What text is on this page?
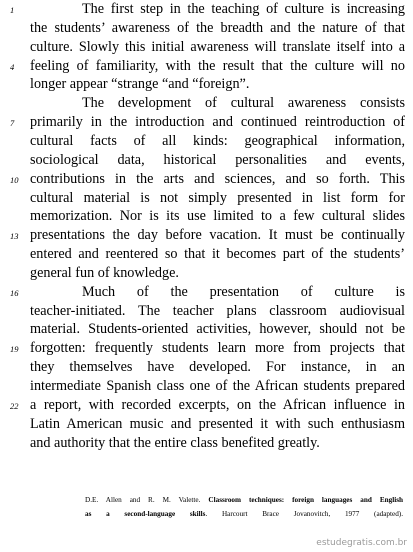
The first step in the teaching of culture is increasing
the students’ awareness of the breadth and the nature of that
culture. Slowly this initial awareness will translate itself into a
feeling of familiarity, with the result that the culture will no
longer appear “strange “and “foreign”.
The development of cultural awareness consists
primarily in the introduction and continued reintroduction of
cultural facts of all kinds: geographical information,
sociological data, historical personalities and events,
contributions in the arts and sciences, and so forth. This
cultural material is not simply presented in list form for
memorization. Nor is its use limited to a few cultural slides
presentations the day before vacation. It must be continually
entered and reentered so that it becomes part of the students’
general fun of knowledge.
Much of the presentation of culture is
teacher-initiated. The teacher plans classroom audiovisual
material. Students-oriented activities, however, should not be
forgotten: frequently students learn more from projects that
they themselves have developed. For instance, in an
intermediate Spanish class one of the African students prepared
a report, with recorded excerpts, on the African influence in
Latin American music and presented it with such enthusiasm
and authority that the entire class benefited greatly.
1
4
7
10
13
16
19
22
D.E. Allen and R. M. Valette. Classroom techniques: foreign languages and English
as a second-language skills. Harcourt Brace Jovanovitch, 1977 (adapted).
estudegratis.com.br
